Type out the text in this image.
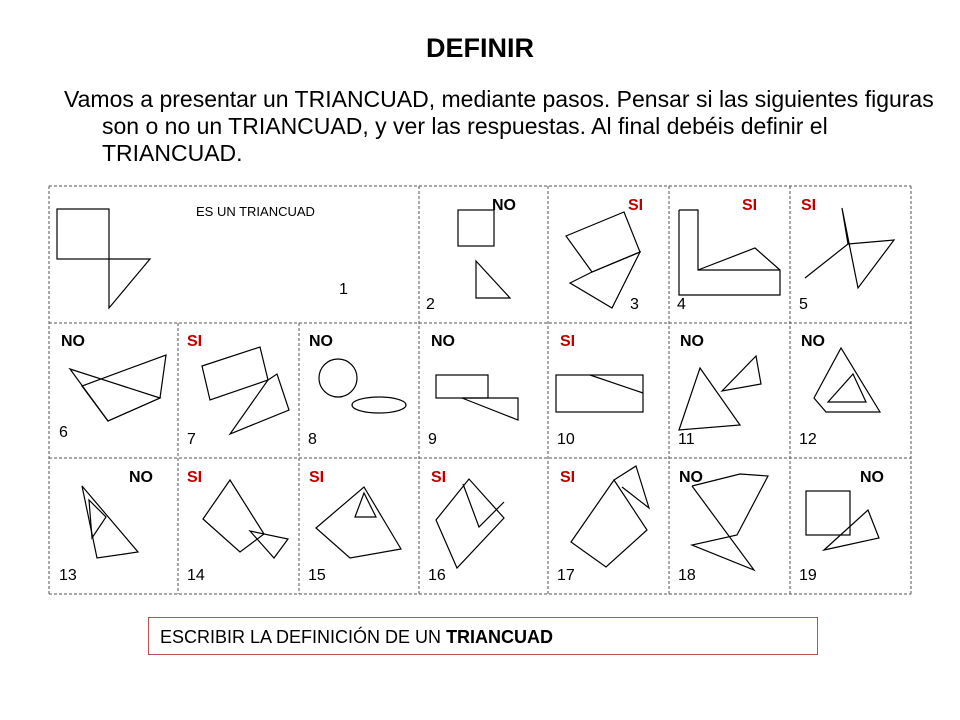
DEFINIR

Vamos a presentar un TRIANCUAD, mediante pasos. Pensar si las siguientes figuras son o no un TRIANCUAD, y ver las respuestas. Al final debéis definir el TRIANCUAD.

ES UN TRIANCUAD	NO	SI	SI	SI
NO	SI	NO	NO	SI	NO	NO
NO SI	SI	SI	SI	NO	NO
1
2	3 4	5
6	7	8	9	10	11	12
13	14	15	16	17	18	19
ESCRIBIR LA DEFINICIÓN DE UN TRIANCUAD
